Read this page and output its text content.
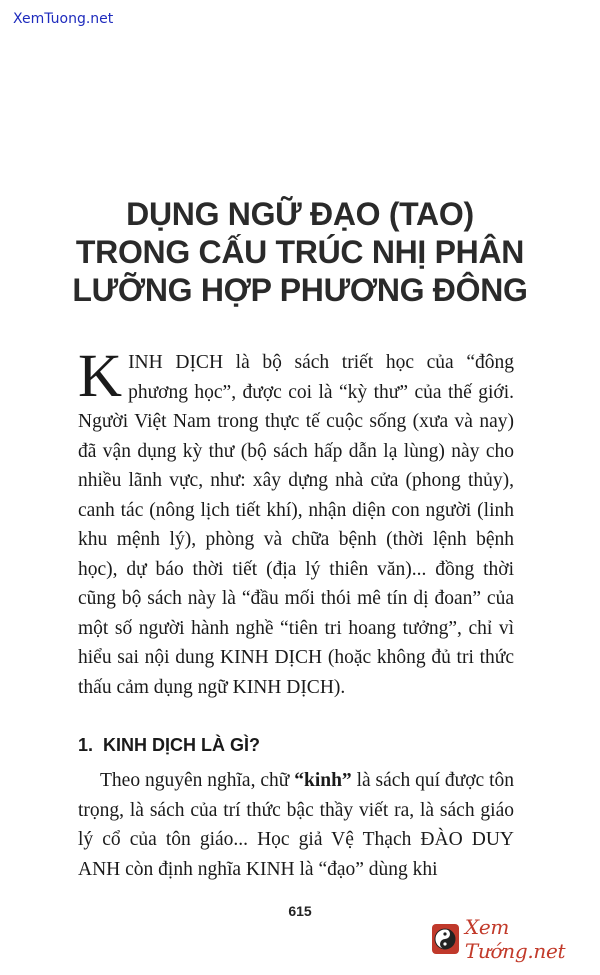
XemTuong.net
DỤNG NGỮ ĐẠO (TAO)
TRONG CẤU TRÚC NHỊ PHÂN
LƯỠNG HỢP PHƯƠNG ĐÔNG

KINH DỊCH là bộ sách triết học của “đông phương học”, được coi là “kỳ thư” của thế giới. Người Việt Nam trong thực tế cuộc sống (xưa và nay) đã vận dụng kỳ thư (bộ sách hấp dẫn lạ lùng) này cho nhiều lãnh vực, như: xây dựng nhà cửa (phong thủy), canh tác (nông lịch tiết khí), nhận diện con người (linh khu mệnh lý), phòng và chữa bệnh (thời lệnh bệnh học), dự báo thời tiết (địa lý thiên văn)... đồng thời cũng bộ sách này là “đầu mối thói mê tín dị đoan” của một số người hành nghề “tiên tri hoang tưởng”, chỉ vì hiểu sai nội dung KINH DỊCH (hoặc không đủ tri thức thấu cảm dụng ngữ KINH DỊCH).

1. KINH DỊCH LÀ GÌ?

Theo nguyên nghĩa, chữ “kinh” là sách quí được tôn trọng, là sách của trí thức bậc thầy viết ra, là sách giáo lý cổ của tôn giáo... Học giả Vệ Thạch ĐÀO DUY ANH còn định nghĩa KINH là “đạo” dùng khi

615
Xem Tướng.net
